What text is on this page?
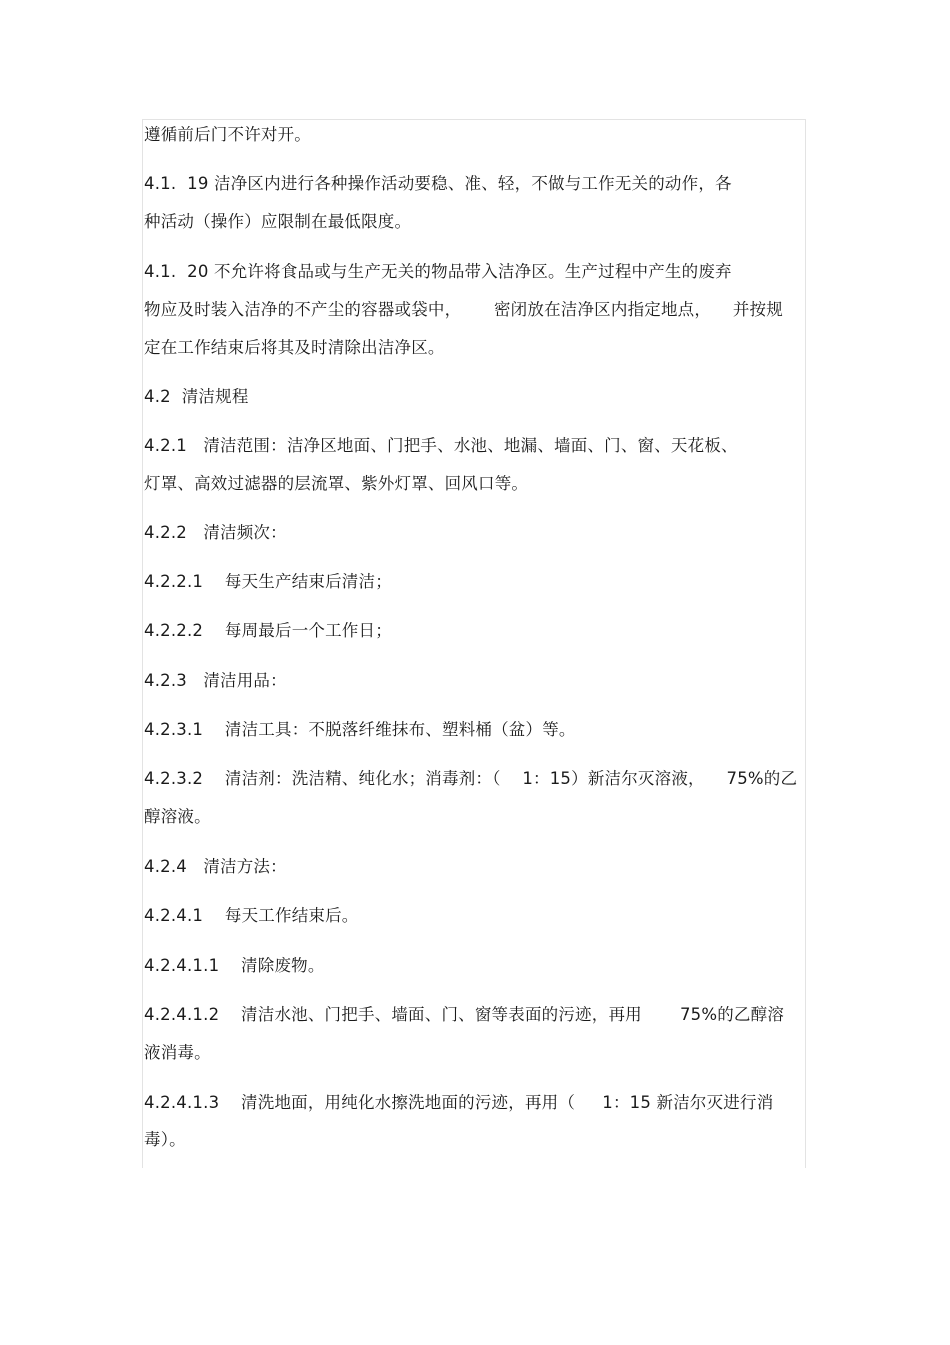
遵循前后门不许对开。
4.1.  19 洁净区内进行各种操作活动要稳、准、轻，不做与工作无关的动作，各
种活动（操作）应限制在最低限度。
4.1.  20 不允许将食品或与生产无关的物品带入洁净区。生产过程中产生的废弃
物应及时装入洁净的不产尘的容器或袋中，      密闭放在洁净区内指定地点，    并按规
定在工作结束后将其及时清除出洁净区。
4.2  清洁规程
4.2.1   清洁范围：洁净区地面、门把手、水池、地漏、墙面、门、窗、天花板、
灯罩、高效过滤器的层流罩、紫外灯罩、回风口等。
4.2.2   清洁频次：
4.2.2.1    每天生产结束后清洁；
4.2.2.2    每周最后一个工作日；
4.2.3   清洁用品：
4.2.3.1    清洁工具：不脱落纤维抹布、塑料桶（盆）等。
4.2.3.2    清洁剂：洗洁精、纯化水；消毒剂：（    1：15）新洁尔灭溶液，    75%的乙
醇溶液。
4.2.4   清洁方法：
4.2.4.1    每天工作结束后。
4.2.4.1.1    清除废物。
4.2.4.1.2    清洁水池、门把手、墙面、门、窗等表面的污迹，再用       75%的乙醇溶
液消毒。
4.2.4.1.3    清洗地面，用纯化水擦洗地面的污迹，再用（     1：15 新洁尔灭进行消
毒）。
